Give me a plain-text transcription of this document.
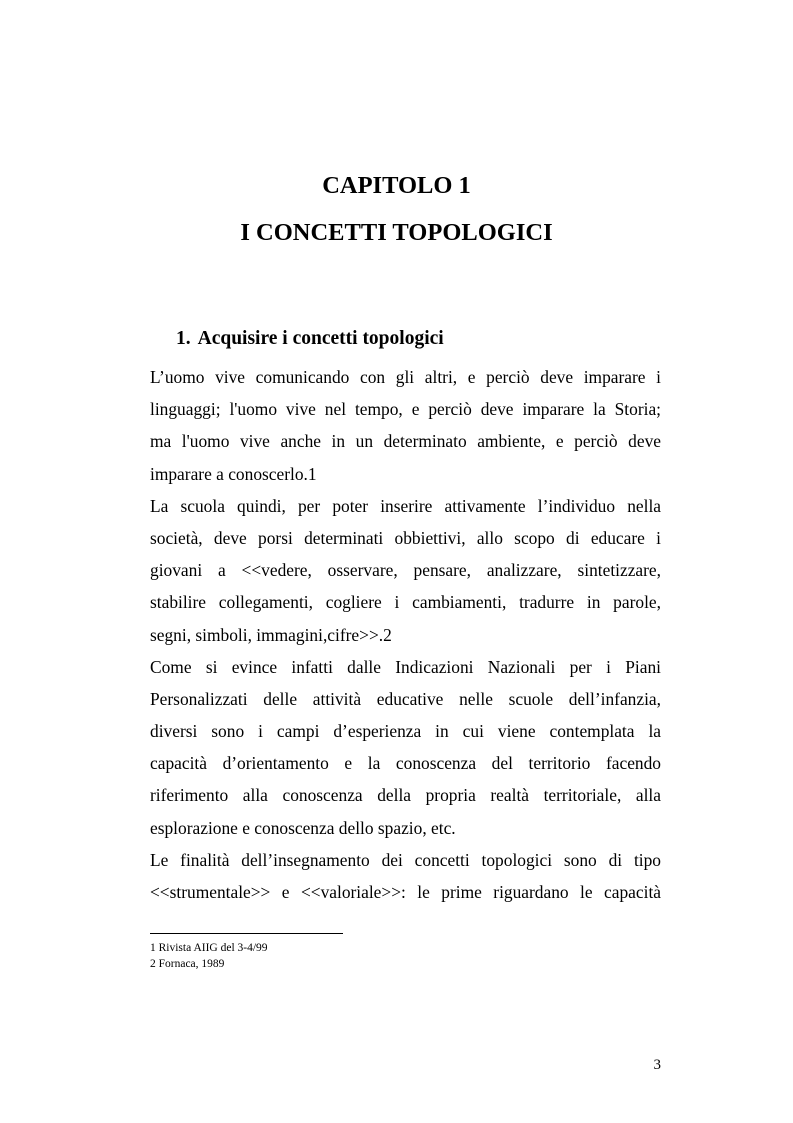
CAPITOLO 1
I CONCETTI TOPOLOGICI
1. Acquisire i concetti topologici
L’uomo vive comunicando con gli altri, e perciò deve imparare i
linguaggi; l'uomo vive nel tempo, e perciò deve imparare la Storia;
ma l'uomo vive anche in un determinato ambiente, e perciò deve
imparare a conoscerlo.1
La scuola quindi, per poter inserire attivamente l’individuo nella
società, deve porsi determinati obbiettivi, allo scopo di educare i
giovani a <<vedere, osservare, pensare, analizzare, sintetizzare,
stabilire collegamenti, cogliere i cambiamenti, tradurre in parole,
segni, simboli, immagini,cifre>>.2
Come si evince infatti dalle Indicazioni Nazionali per i Piani
Personalizzati delle attività educative nelle scuole dell’infanzia,
diversi sono i campi d’esperienza in cui viene contemplata la
capacità d’orientamento e la conoscenza del territorio facendo
riferimento alla conoscenza della propria realtà territoriale, alla
esplorazione e conoscenza dello spazio, etc.
Le finalità dell’insegnamento dei concetti topologici sono di tipo
<<strumentale>> e <<valoriale>>: le prime riguardano le capacità
1 Rivista AIIG del 3-4/99
2 Fornaca, 1989
3
